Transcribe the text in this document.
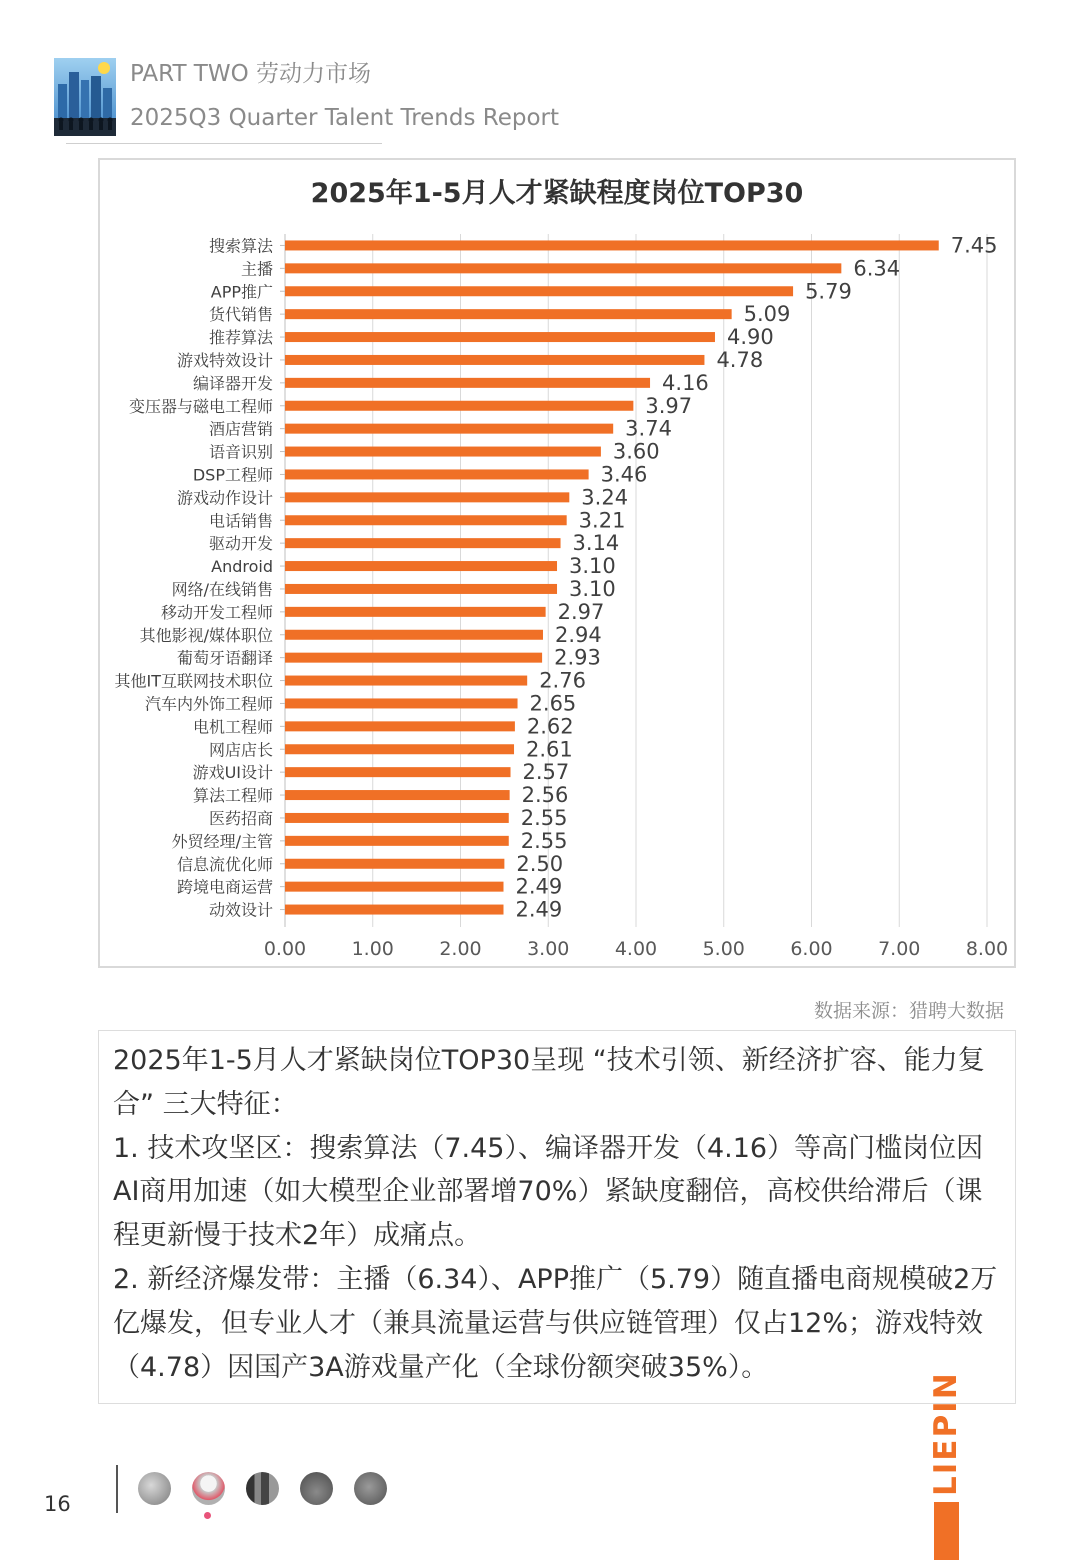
PART TWO 劳动力市场
2025Q3 Quarter Talent Trends Report
2025年1-5月人才紧缺程度岗位TOP30
0.00 1.00 2.00 3.00 4.00 5.00 6.00 7.00 8.00
搜索算法	7.45
主播	6.34
APP推广	5.79
货代销售	5.09
推荐算法	4.90
游戏特效设计	4.78
编译器开发	4.16
变压器与磁电工程师	3.97
酒店营销	3.74
语音识别	3.60
DSP工程师	3.46
游戏动作设计	3.24
电话销售	3.21
驱动开发	3.14
Android	3.10
网络/在线销售	3.10
移动开发工程师	2.97
其他影视/媒体职位	2.94
葡萄牙语翻译	2.93
其他IT互联网技术职位	2.76
汽车内外饰工程师	2.65
电机工程师	2.62
网店店长	2.61
游戏UI设计	2.57
算法工程师	2.56
医药招商	2.55
外贸经理/主管	2.55
信息流优化师	2.50
跨境电商运营	2.49
动效设计	2.49
数据来源：猎聘大数据

2025年1-5月人才紧缺岗位TOP30呈现 “技术引领、新经济扩容、能力复合” 三大特征：

1. 技术攻坚区：搜索算法（7.45）、编译器开发（4.16）等高门槛岗位因AI商用加速（如大模型企业部署增70%）紧缺度翻倍，高校供给滞后（课程更新慢于技术2年）成痛点。

2. 新经济爆发带：主播（6.34）、APP推广（5.79）随直播电商规模破2万亿爆发，但专业人才（兼具流量运营与供应链管理）仅占12%；游戏特效（4.78）因国产3A游戏量产化（全球份额突破35%）。

16
LIEPIN
